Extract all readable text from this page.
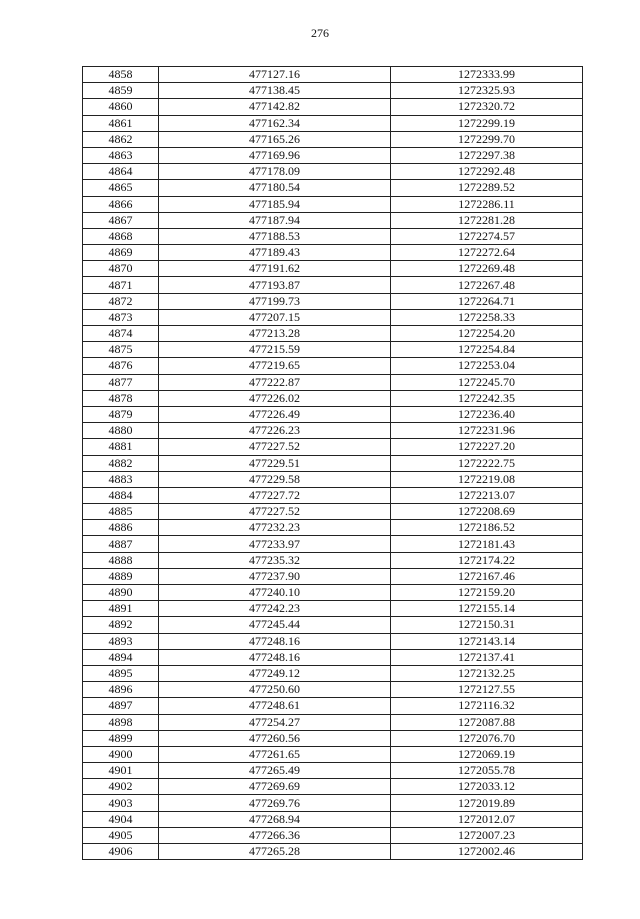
276
4858	477127.16	1272333.99
4859	477138.45	1272325.93
4860	477142.82	1272320.72
4861	477162.34	1272299.19
4862	477165.26	1272299.70
4863	477169.96	1272297.38
4864	477178.09	1272292.48
4865	477180.54	1272289.52
4866	477185.94	1272286.11
4867	477187.94	1272281.28
4868	477188.53	1272274.57
4869	477189.43	1272272.64
4870	477191.62	1272269.48
4871	477193.87	1272267.48
4872	477199.73	1272264.71
4873	477207.15	1272258.33
4874	477213.28	1272254.20
4875	477215.59	1272254.84
4876	477219.65	1272253.04
4877	477222.87	1272245.70
4878	477226.02	1272242.35
4879	477226.49	1272236.40
4880	477226.23	1272231.96
4881	477227.52	1272227.20
4882	477229.51	1272222.75
4883	477229.58	1272219.08
4884	477227.72	1272213.07
4885	477227.52	1272208.69
4886	477232.23	1272186.52
4887	477233.97	1272181.43
4888	477235.32	1272174.22
4889	477237.90	1272167.46
4890	477240.10	1272159.20
4891	477242.23	1272155.14
4892	477245.44	1272150.31
4893	477248.16	1272143.14
4894	477248.16	1272137.41
4895	477249.12	1272132.25
4896	477250.60	1272127.55
4897	477248.61	1272116.32
4898	477254.27	1272087.88
4899	477260.56	1272076.70
4900	477261.65	1272069.19
4901	477265.49	1272055.78
4902	477269.69	1272033.12
4903	477269.76	1272019.89
4904	477268.94	1272012.07
4905	477266.36	1272007.23
4906	477265.28	1272002.46
